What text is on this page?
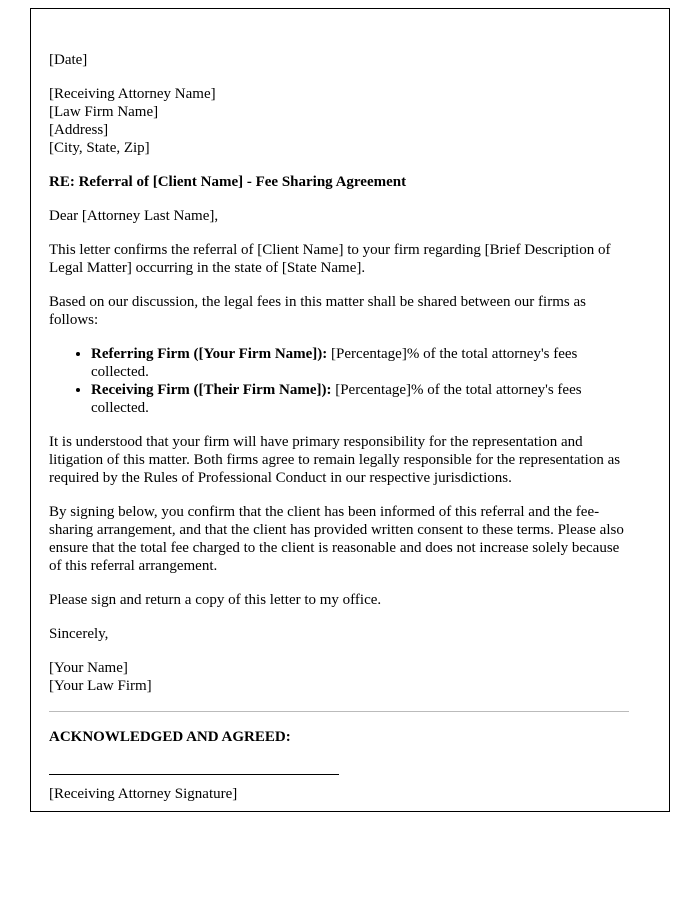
[Date]

[Receiving Attorney Name]
[Law Firm Name]
[Address]
[City, State, Zip]

RE: Referral of [Client Name] - Fee Sharing Agreement

Dear [Attorney Last Name],

This letter confirms the referral of [Client Name] to your firm regarding [Brief Description of Legal Matter] occurring in the state of [State Name].

Based on our discussion, the legal fees in this matter shall be shared between our firms as follows:

• Referring Firm ([Your Firm Name]): [Percentage]% of the total attorney's fees collected.
• Receiving Firm ([Their Firm Name]): [Percentage]% of the total attorney's fees collected.

It is understood that your firm will have primary responsibility for the representation and litigation of this matter. Both firms agree to remain legally responsible for the representation as required by the Rules of Professional Conduct in our respective jurisdictions.

By signing below, you confirm that the client has been informed of this referral and the fee-sharing arrangement, and that the client has provided written consent to these terms. Please also ensure that the total fee charged to the client is reasonable and does not increase solely because of this referral arrangement.

Please sign and return a copy of this letter to my office.

Sincerely,

[Your Name]
[Your Law Firm]

ACKNOWLEDGED AND AGREED:

[Receiving Attorney Signature]
